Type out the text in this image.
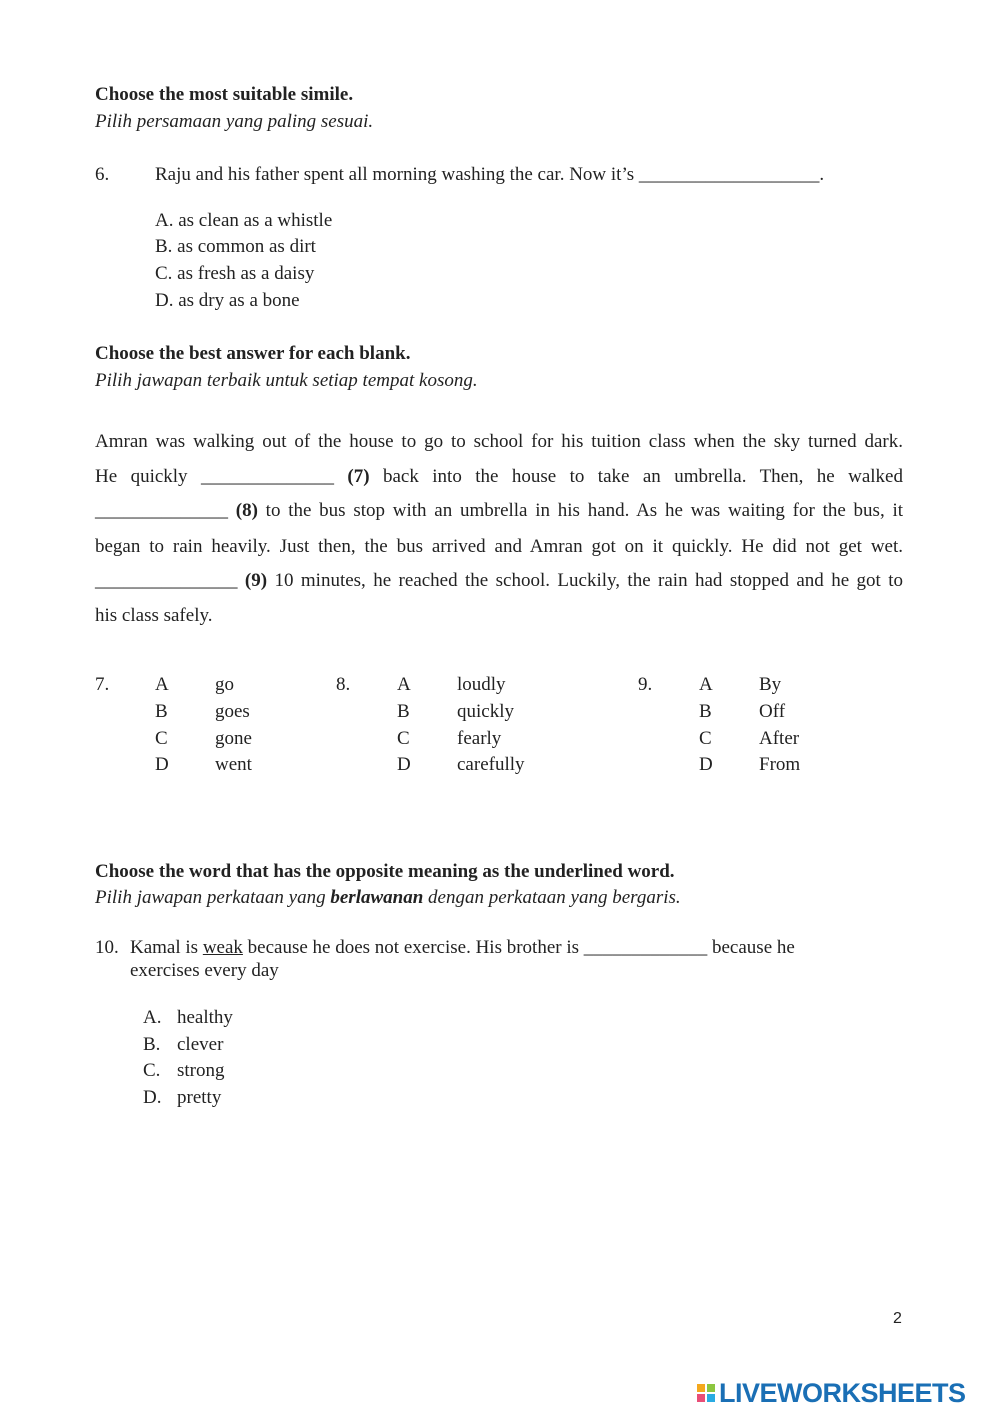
Choose the most suitable simile.
Pilih persamaan yang paling sesuai.
6. Raju and his father spent all morning washing the car. Now it’s ___________________.
A. as clean as a whistle
B. as common as dirt
C. as fresh as a daisy
D. as dry as a bone
Choose the best answer for each blank.
Pilih jawapan terbaik untuk setiap tempat kosong.
Amran was walking out of the house to go to school for his tuition class when the sky turned dark.
He quickly ______________ (7) back into the house to take an umbrella. Then, he walked
______________ (8) to the bus stop with an umbrella in his hand. As he was waiting for the bus, it
began to rain heavily. Just then, the bus arrived and Amran got on it quickly. He did not get wet.
_______________ (9) 10 minutes, he reached the school. Luckily, the rain had stopped and he got to
his class safely.
7. A
B
C
D
go
goes
gone
went
8. A
B
C
D
loudly
quickly
fearly
carefully
9. A
B
C
D
By
Off
After
From
Choose the word that has the opposite meaning as the underlined word.
Pilih jawapan perkataan yang berlawanan dengan perkataan yang bergaris.
10. Kamal is weak because he does not exercise. His brother is _____________ because he
exercises every day
A. healthy
B. clever
C. strong
D. pretty
2
LIVEWORKSHEETS
